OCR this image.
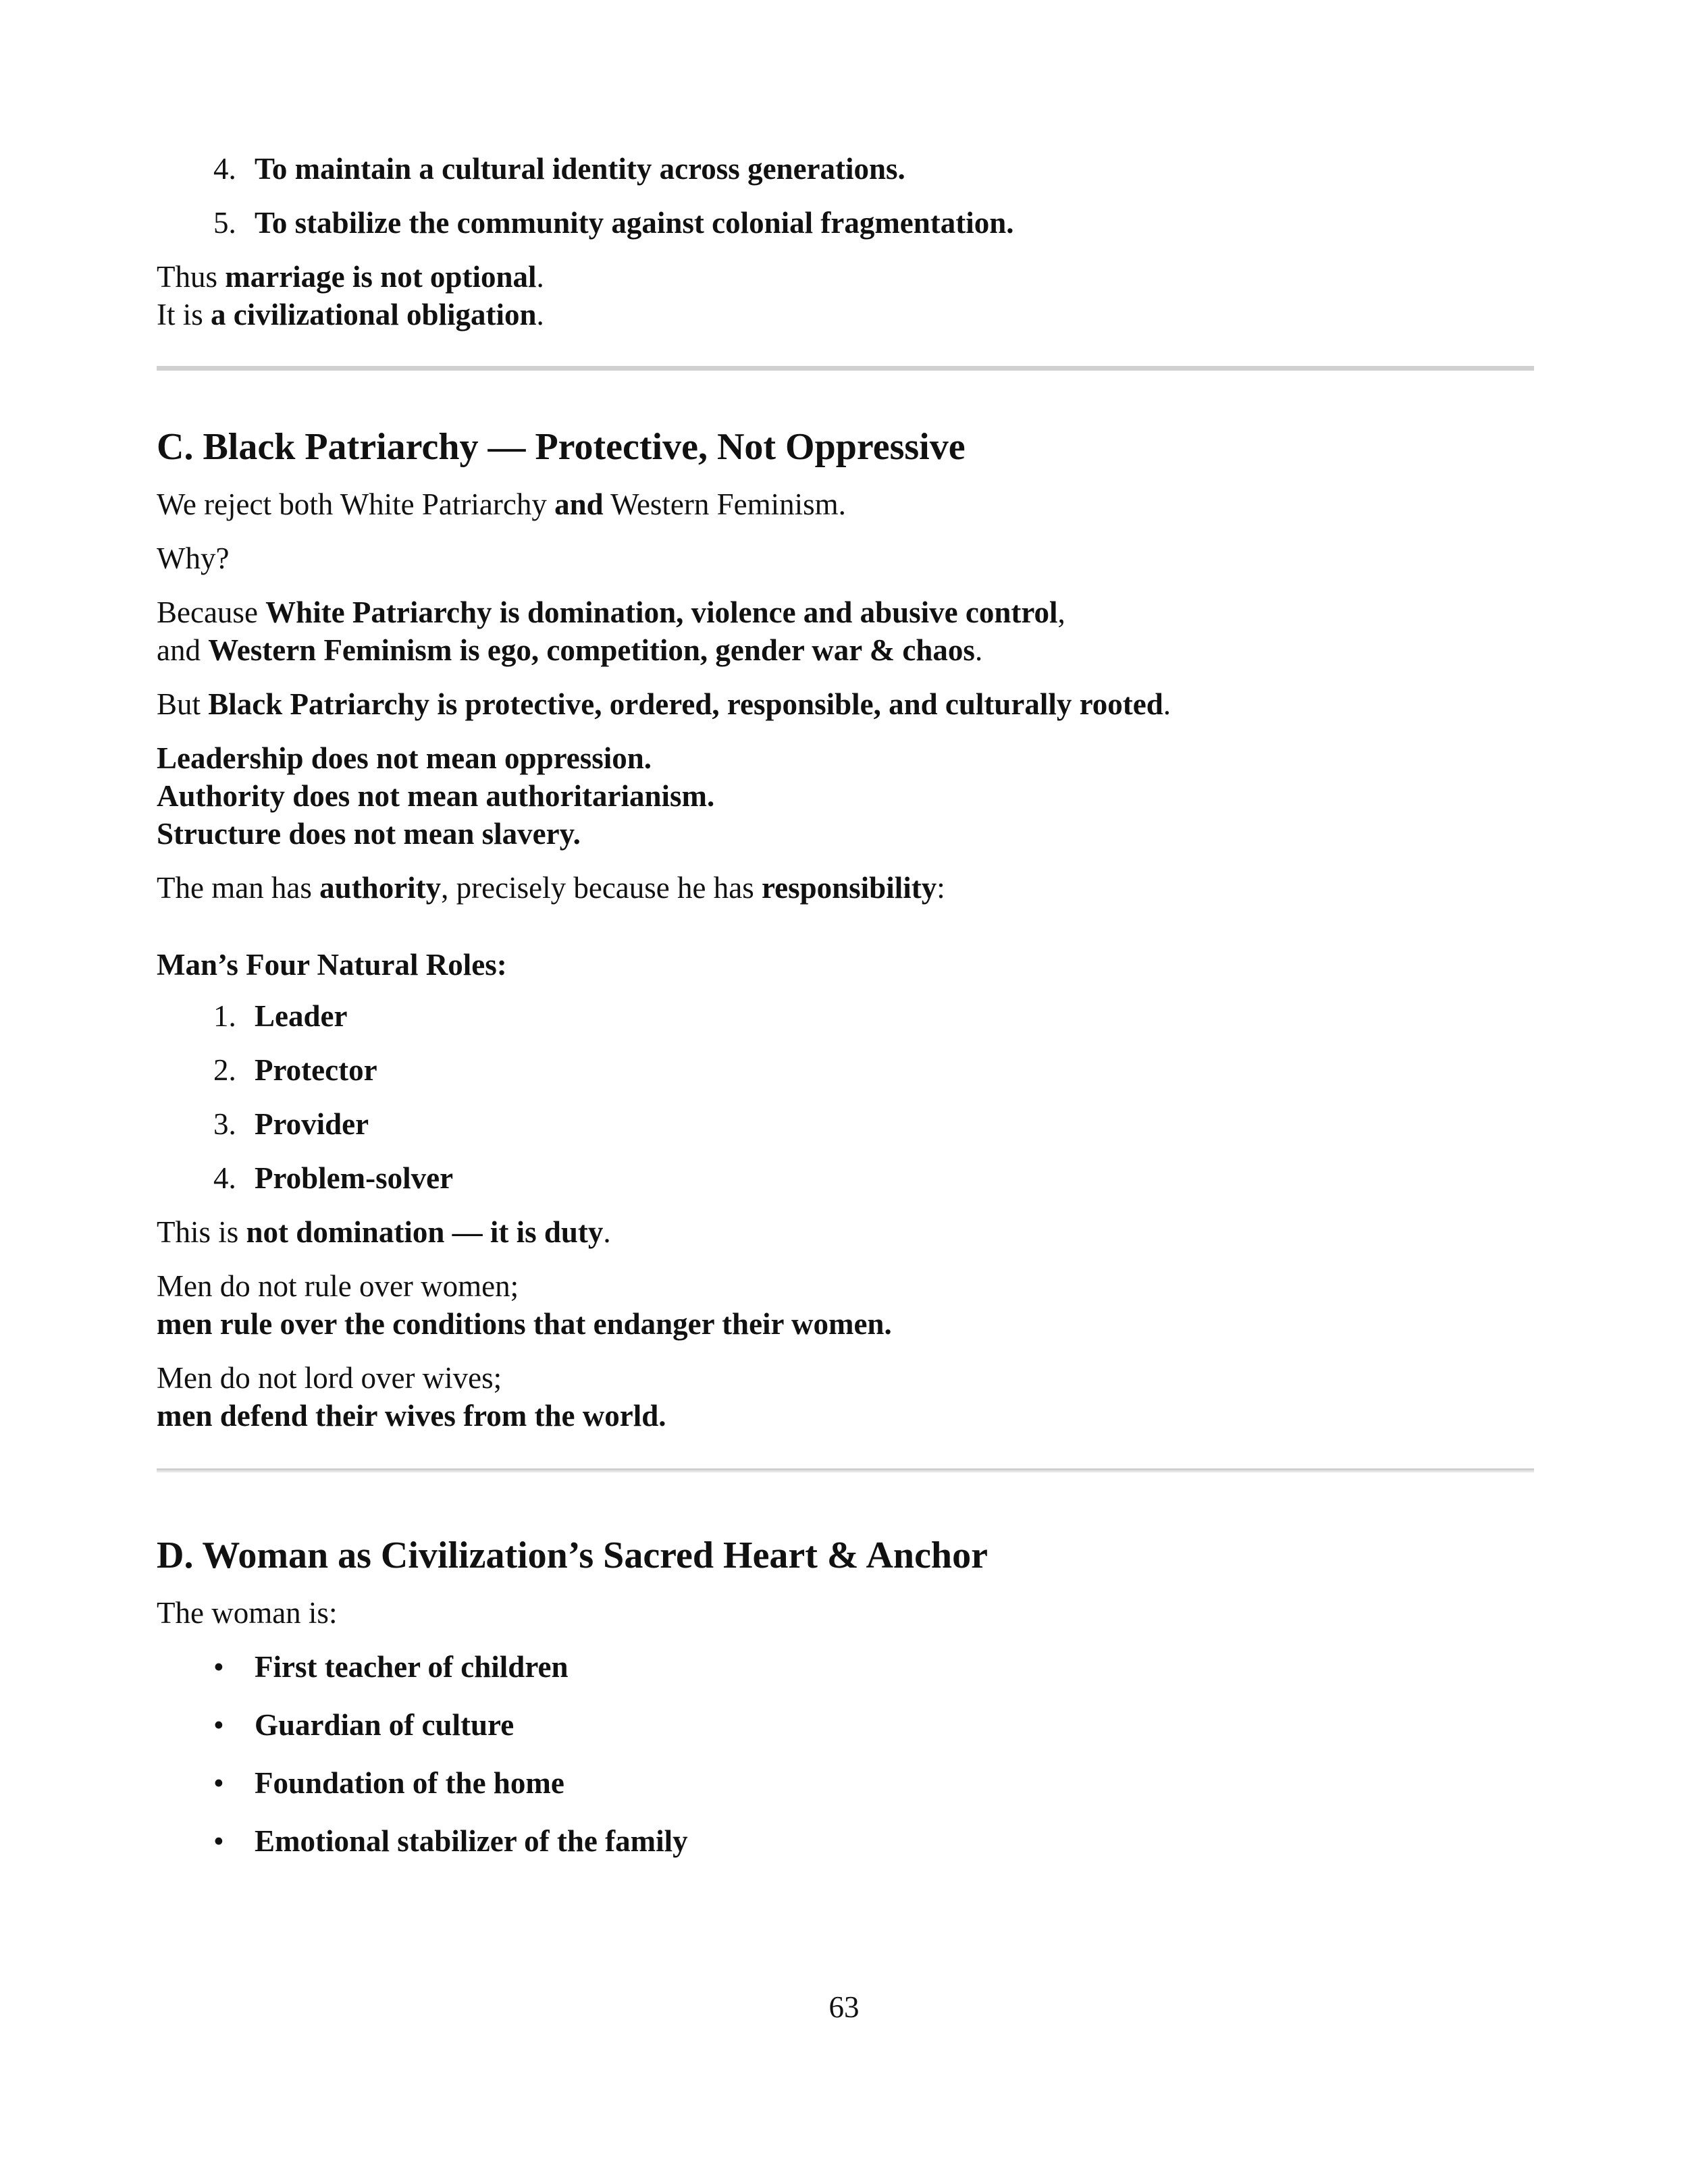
4. To maintain a cultural identity across generations.
5. To stabilize the community against colonial fragmentation.

Thus marriage is not optional.
It is a civilizational obligation.

C. Black Patriarchy — Protective, Not Oppressive

We reject both White Patriarchy and Western Feminism.

Why?

Because White Patriarchy is domination, violence and abusive control,
and Western Feminism is ego, competition, gender war & chaos.

But Black Patriarchy is protective, ordered, responsible, and culturally rooted.

Leadership does not mean oppression.
Authority does not mean authoritarianism.
Structure does not mean slavery.

The man has authority, precisely because he has responsibility:

Man’s Four Natural Roles:

1. Leader
2. Protector
3. Provider
4. Problem-solver

This is not domination — it is duty.

Men do not rule over women;
men rule over the conditions that endanger their women.

Men do not lord over wives;
men defend their wives from the world.

D. Woman as Civilization’s Sacred Heart & Anchor

The woman is:

• First teacher of children
• Guardian of culture
• Foundation of the home
• Emotional stabilizer of the family
63
